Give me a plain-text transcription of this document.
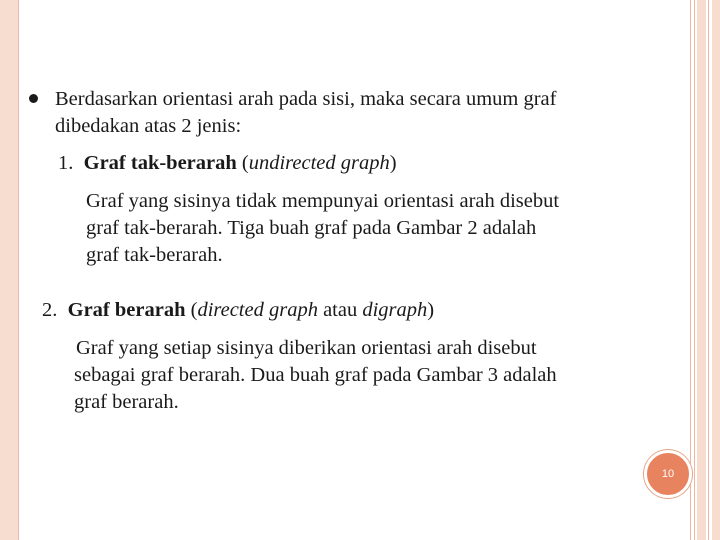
Berdasarkan orientasi arah pada sisi, maka secara umum graf
dibedakan atas 2 jenis:
1. Graf tak-berarah (undirected graph)
Graf yang sisinya tidak mempunyai orientasi arah disebut
graf tak-berarah. Tiga buah graf pada Gambar 2 adalah
graf tak-berarah.
2. Graf berarah (directed graph atau digraph)
Graf yang setiap sisinya diberikan orientasi arah disebut
sebagai graf berarah. Dua buah graf pada Gambar 3 adalah
graf berarah.
10
